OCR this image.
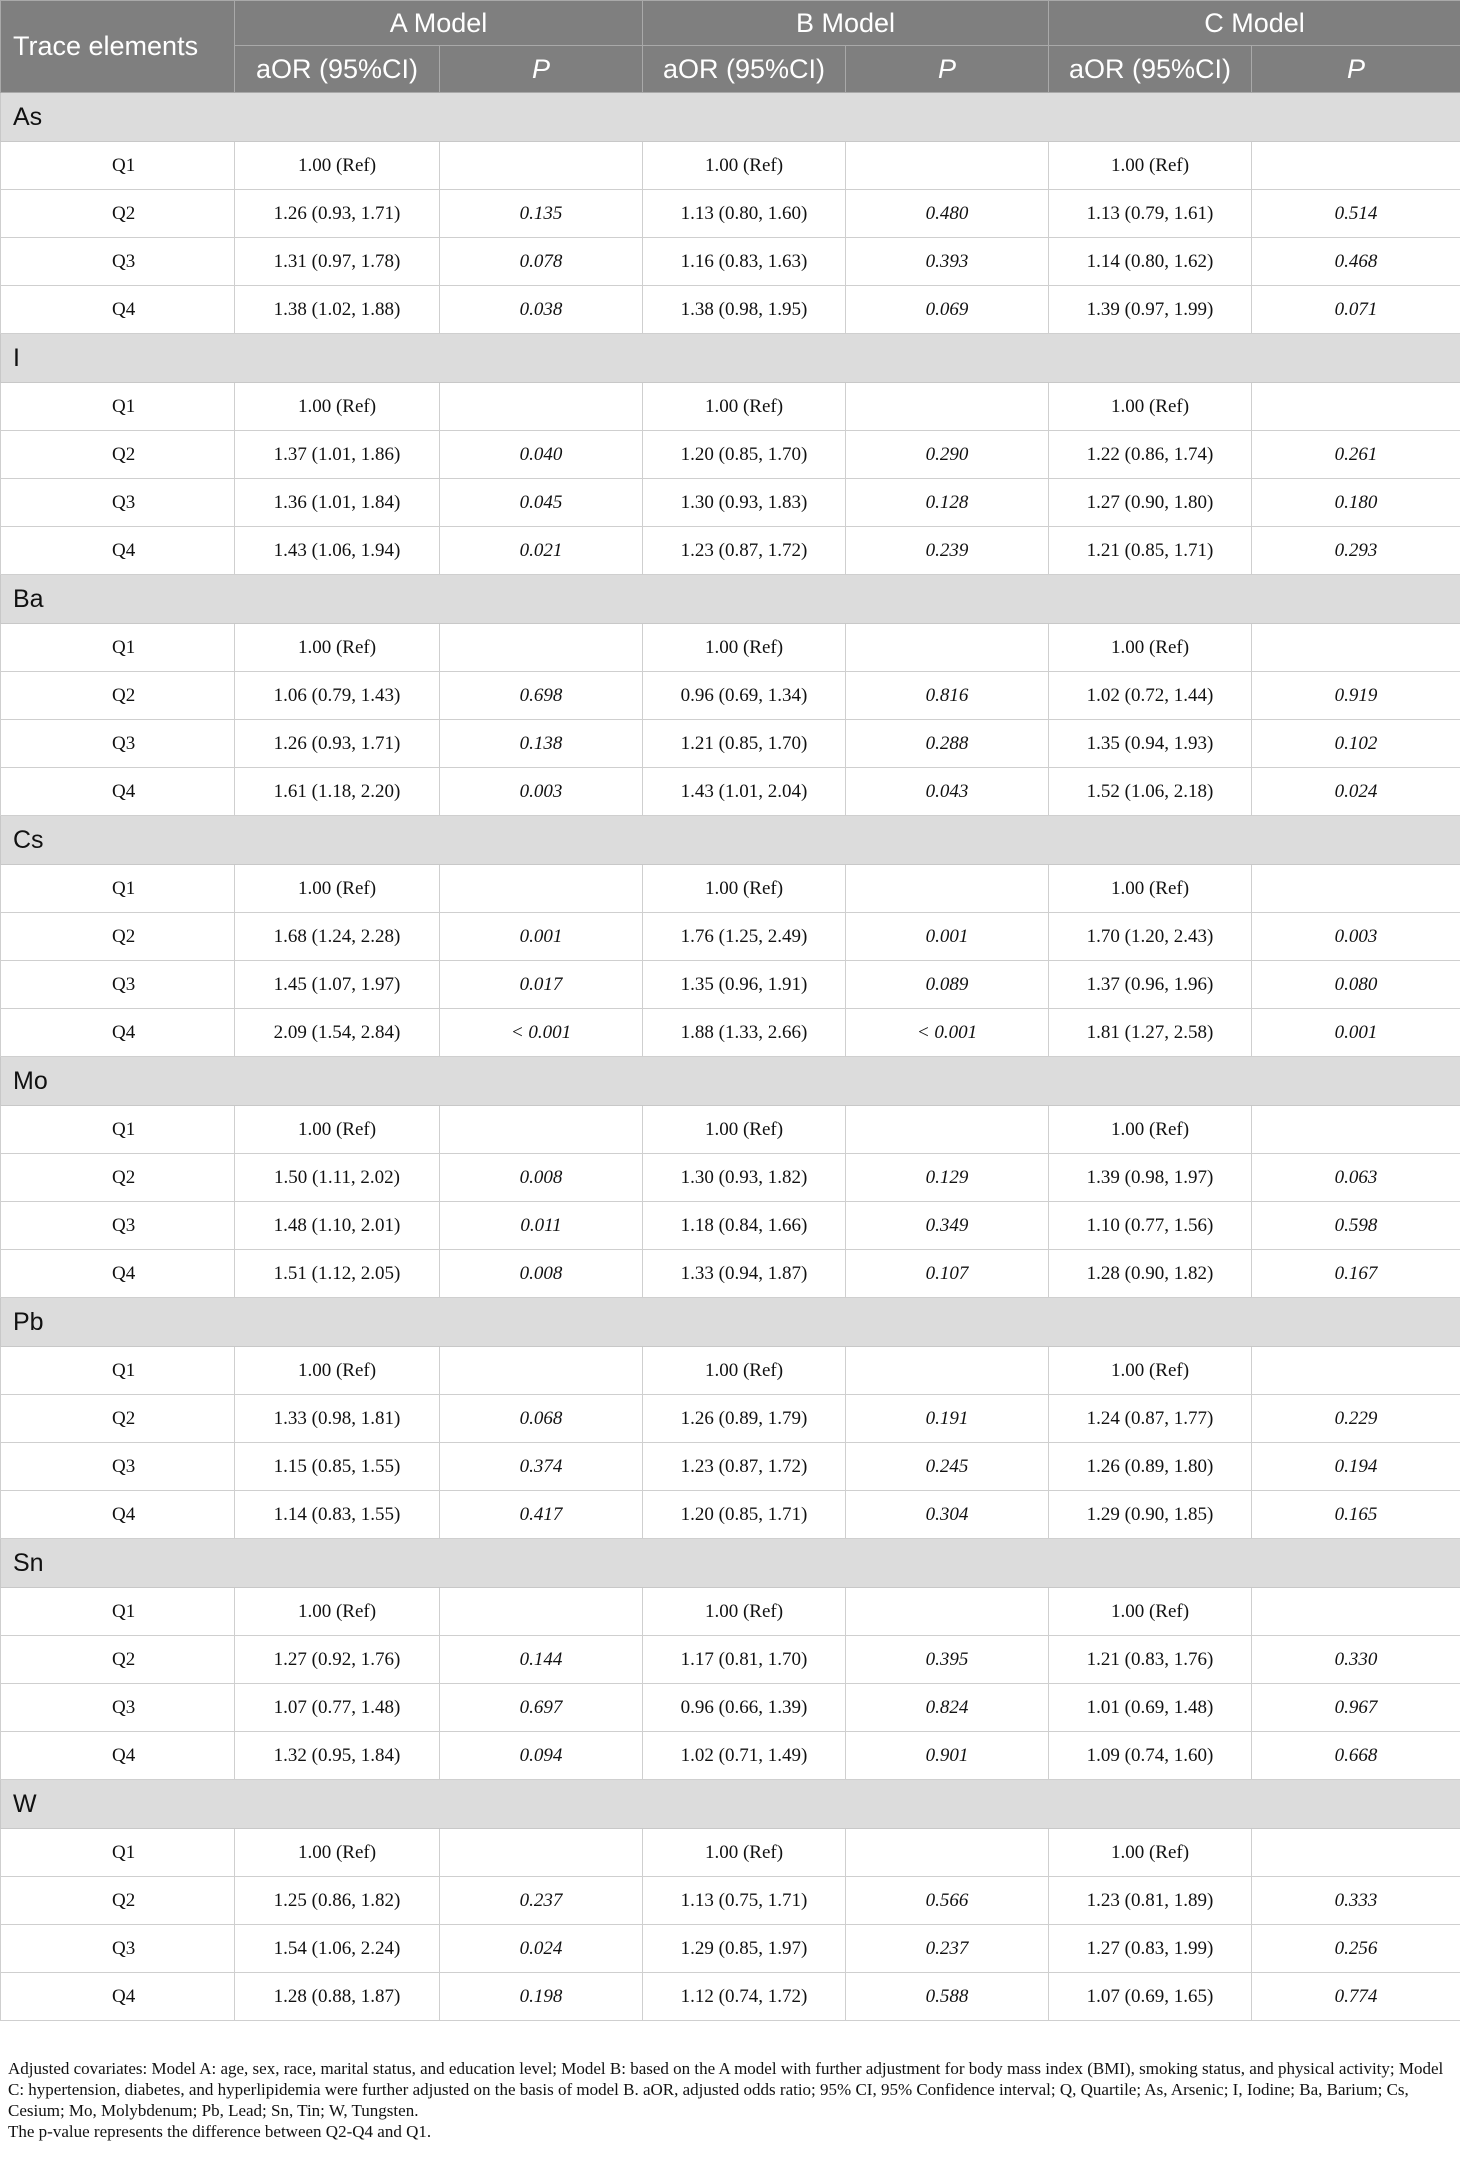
Trace elements	A Model		B Model		C Model	
	aOR (95%CI)	P	aOR (95%CI)	P	aOR (95%CI)	P
As						
Q1	1.00 (Ref)		1.00 (Ref)		1.00 (Ref)	
Q2	1.26 (0.93, 1.71)	0.135	1.13 (0.80, 1.60)	0.480	1.13 (0.79, 1.61)	0.514
Q3	1.31 (0.97, 1.78)	0.078	1.16 (0.83, 1.63)	0.393	1.14 (0.80, 1.62)	0.468
Q4	1.38 (1.02, 1.88)	0.038	1.38 (0.98, 1.95)	0.069	1.39 (0.97, 1.99)	0.071
I						
Q1	1.00 (Ref)		1.00 (Ref)		1.00 (Ref)	
Q2	1.37 (1.01, 1.86)	0.040	1.20 (0.85, 1.70)	0.290	1.22 (0.86, 1.74)	0.261
Q3	1.36 (1.01, 1.84)	0.045	1.30 (0.93, 1.83)	0.128	1.27 (0.90, 1.80)	0.180
Q4	1.43 (1.06, 1.94)	0.021	1.23 (0.87, 1.72)	0.239	1.21 (0.85, 1.71)	0.293
Ba						
Q1	1.00 (Ref)		1.00 (Ref)		1.00 (Ref)	
Q2	1.06 (0.79, 1.43)	0.698	0.96 (0.69, 1.34)	0.816	1.02 (0.72, 1.44)	0.919
Q3	1.26 (0.93, 1.71)	0.138	1.21 (0.85, 1.70)	0.288	1.35 (0.94, 1.93)	0.102
Q4	1.61 (1.18, 2.20)	0.003	1.43 (1.01, 2.04)	0.043	1.52 (1.06, 2.18)	0.024
Cs						
Q1	1.00 (Ref)		1.00 (Ref)		1.00 (Ref)	
Q2	1.68 (1.24, 2.28)	0.001	1.76 (1.25, 2.49)	0.001	1.70 (1.20, 2.43)	0.003
Q3	1.45 (1.07, 1.97)	0.017	1.35 (0.96, 1.91)	0.089	1.37 (0.96, 1.96)	0.080
Q4	2.09 (1.54, 2.84)	< 0.001	1.88 (1.33, 2.66)	< 0.001	1.81 (1.27, 2.58)	0.001
Mo						
Q1	1.00 (Ref)		1.00 (Ref)		1.00 (Ref)	
Q2	1.50 (1.11, 2.02)	0.008	1.30 (0.93, 1.82)	0.129	1.39 (0.98, 1.97)	0.063
Q3	1.48 (1.10, 2.01)	0.011	1.18 (0.84, 1.66)	0.349	1.10 (0.77, 1.56)	0.598
Q4	1.51 (1.12, 2.05)	0.008	1.33 (0.94, 1.87)	0.107	1.28 (0.90, 1.82)	0.167
Pb						
Q1	1.00 (Ref)		1.00 (Ref)		1.00 (Ref)	
Q2	1.33 (0.98, 1.81)	0.068	1.26 (0.89, 1.79)	0.191	1.24 (0.87, 1.77)	0.229
Q3	1.15 (0.85, 1.55)	0.374	1.23 (0.87, 1.72)	0.245	1.26 (0.89, 1.80)	0.194
Q4	1.14 (0.83, 1.55)	0.417	1.20 (0.85, 1.71)	0.304	1.29 (0.90, 1.85)	0.165
Sn						
Q1	1.00 (Ref)		1.00 (Ref)		1.00 (Ref)	
Q2	1.27 (0.92, 1.76)	0.144	1.17 (0.81, 1.70)	0.395	1.21 (0.83, 1.76)	0.330
Q3	1.07 (0.77, 1.48)	0.697	0.96 (0.66, 1.39)	0.824	1.01 (0.69, 1.48)	0.967
Q4	1.32 (0.95, 1.84)	0.094	1.02 (0.71, 1.49)	0.901	1.09 (0.74, 1.60)	0.668
W						
Q1	1.00 (Ref)		1.00 (Ref)		1.00 (Ref)	
Q2	1.25 (0.86, 1.82)	0.237	1.13 (0.75, 1.71)	0.566	1.23 (0.81, 1.89)	0.333
Q3	1.54 (1.06, 2.24)	0.024	1.29 (0.85, 1.97)	0.237	1.27 (0.83, 1.99)	0.256
Q4	1.28 (0.88, 1.87)	0.198	1.12 (0.74, 1.72)	0.588	1.07 (0.69, 1.65)	0.774

Adjusted covariates: Model A: age, sex, race, marital status, and education level; Model B: based on the A model with further adjustment for body mass index (BMI), smoking status, and physical activity; Model C: hypertension, diabetes, and hyperlipidemia were further adjusted on the basis of model B. aOR, adjusted odds ratio; 95% CI, 95% Confidence interval; Q, Quartile; As, Arsenic; I, Iodine; Ba, Barium; Cs, Cesium; Mo, Molybdenum; Pb, Lead; Sn, Tin; W, Tungsten.

The p-value represents the difference between Q2-Q4 and Q1.
